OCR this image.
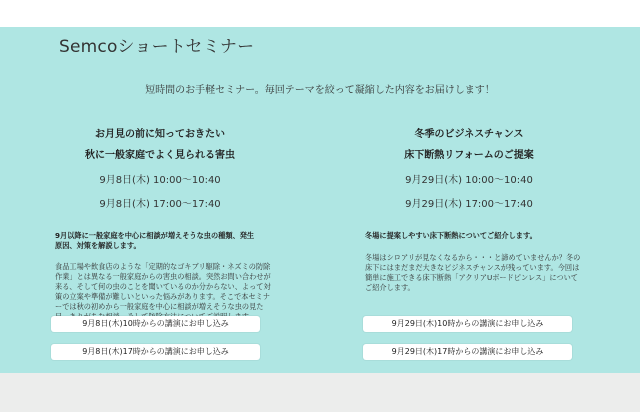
Semcoショートセミナー
短時間のお手軽セミナー。毎回テーマを絞って凝縮した内容をお届けします！
お月見の前に知っておきたい
秋に一般家庭でよく見られる害虫
9月8日(木) 10:00〜10:40
9月8日(木) 17:00〜17:40
9月以降に一般家庭を中心に相談が増えそうな虫の種類、発生
原因、対策を解説します。
食品工場や飲食店のような「定期的なゴキブリ駆除・ネズミの防除
作業」とは異なる一般家庭からの害虫の相談。突然お問い合わせが
来る、そして何の虫のことを聞いているのか分からない、よって対
策の立案や準備が難しいといった悩みがあります。そこで本セミナ
ーでは秋の初めから一般家庭を中心に相談が増えそうな虫の見た
9月8日(木)10時からの講演にお申し込み
9月8日(木)17時からの講演にお申し込み
冬季のビジネスチャンス
床下断熱リフォームのご提案
9月29日(木) 10:00〜10:40
9月29日(木) 17:00〜17:40
冬場に提案しやすい床下断熱についてご紹介します。
冬場はシロアリが見なくなるから・・・と諦めていませんか？冬の
床下にはまだまだ大きなビジネスチャンスが残っています。今回は
簡単に施工できる床下断熱「アクリアUボードピンレス」について
ご紹介します。
9月29日(木)10時からの講演にお申し込み
9月29日(木)17時からの講演にお申し込み
